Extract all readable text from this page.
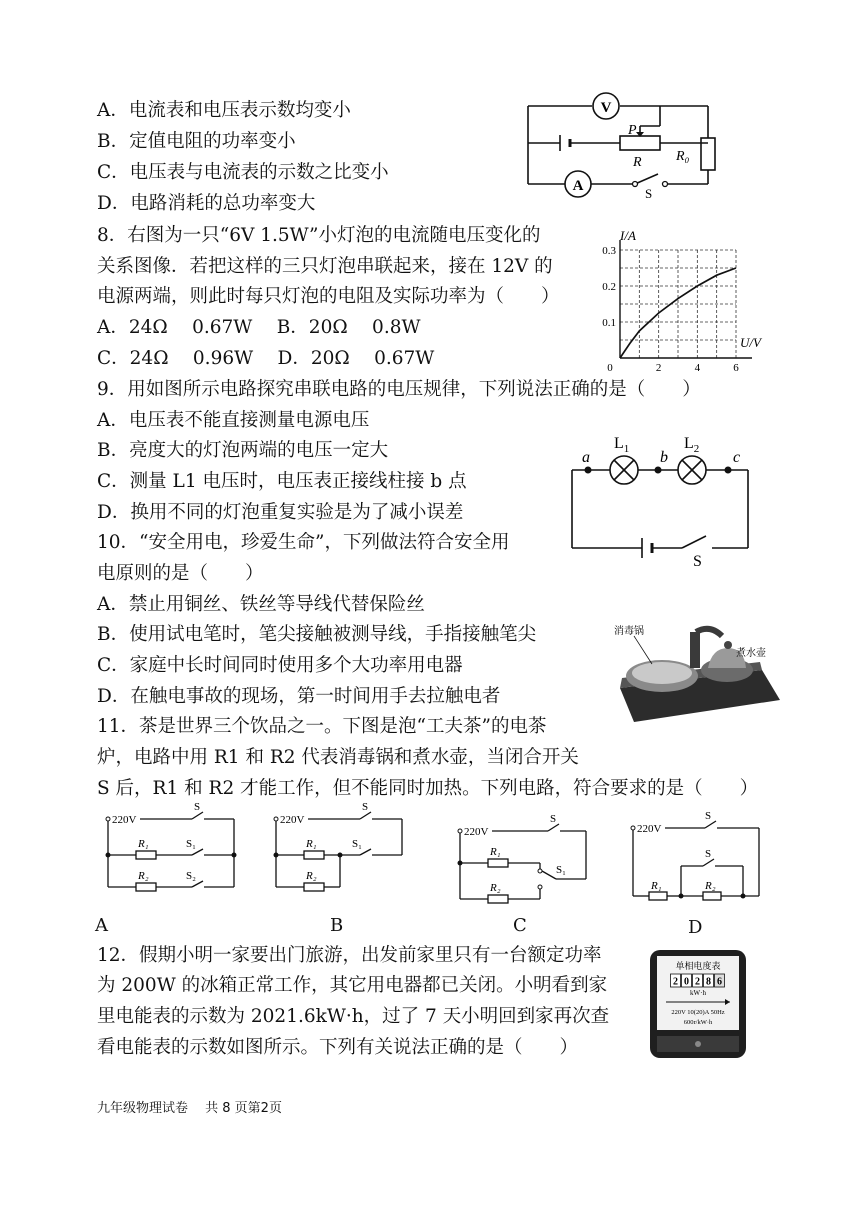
A．电流表和电压表示数均变小
B．定值电阻的功率变小
C．电压表与电流表的示数之比变小
D．电路消耗的总功率变大
V
A
P
R R₀
S
8．右图为一只“6V 1.5W”小灯泡的电流随电压变化的
关系图像．若把这样的三只灯泡串联起来，接在 12V 的
电源两端，则此时每只灯泡的电阻及实际功率为（　　）
A．24Ω　 0.67W　 B．20Ω　 0.8W
C．24Ω　 0.96W　 D．20Ω　 0.67W	0	2	4	6
0.1
0.2
0.3
I/A
U/V
9．用如图所示电路探究串联电路的电压规律，下列说法正确的是（　　）
A．电压表不能直接测量电源电压
B．亮度大的灯泡两端的电压一定大
C．测量 L1 电压时，电压表正接线柱接 b 点
D．换用不同的灯泡重复实验是为了减小误差
a	b	c
$L_1$	$L_2$
S
10．“安全用电，珍爱生命”，下列做法符合安全用
电原则的是（　　）
A．禁止用铜丝、铁丝等导线代替保险丝
B．使用试电笔时，笔尖接触被测导线，手指接触笔尖
C．家庭中长时间同时使用多个大功率用电器
D．在触电事故的现场，第一时间用手去拉触电者
消毒锅
煮水壶
11．茶是世界三个饮品之一。下图是泡“工夫茶”的电茶
炉，电路中用 R1 和 R2 代表消毒锅和煮水壶，当闭合开关
S 后，R1 和 R2 才能工作，但不能同时加热。下列电路，符合要求的是（　　）
220V
S
R₁	S₁
R₂	S₂
220V
S
R₁	S₁
R₂
220V
S
R₁
S₁
R₂
220V
S
S
R₁	R₂
A	B	C	D
12．假期小明一家要出门旅游，出发前家里只有一台额定功率
为 200W 的冰箱正常工作，其它用电器都已关闭。小明看到家
里电能表的示数为 2021.6kW·h，过了 7 天小明回到家再次查
看电能表的示数如图所示。下列有关说法正确的是（　　）
单相电度表
2 0 2 8 6
kW·h
220V 10(20)A 50Hz
600r/kW·h
九年级物理试卷　 共 8 页第2页
